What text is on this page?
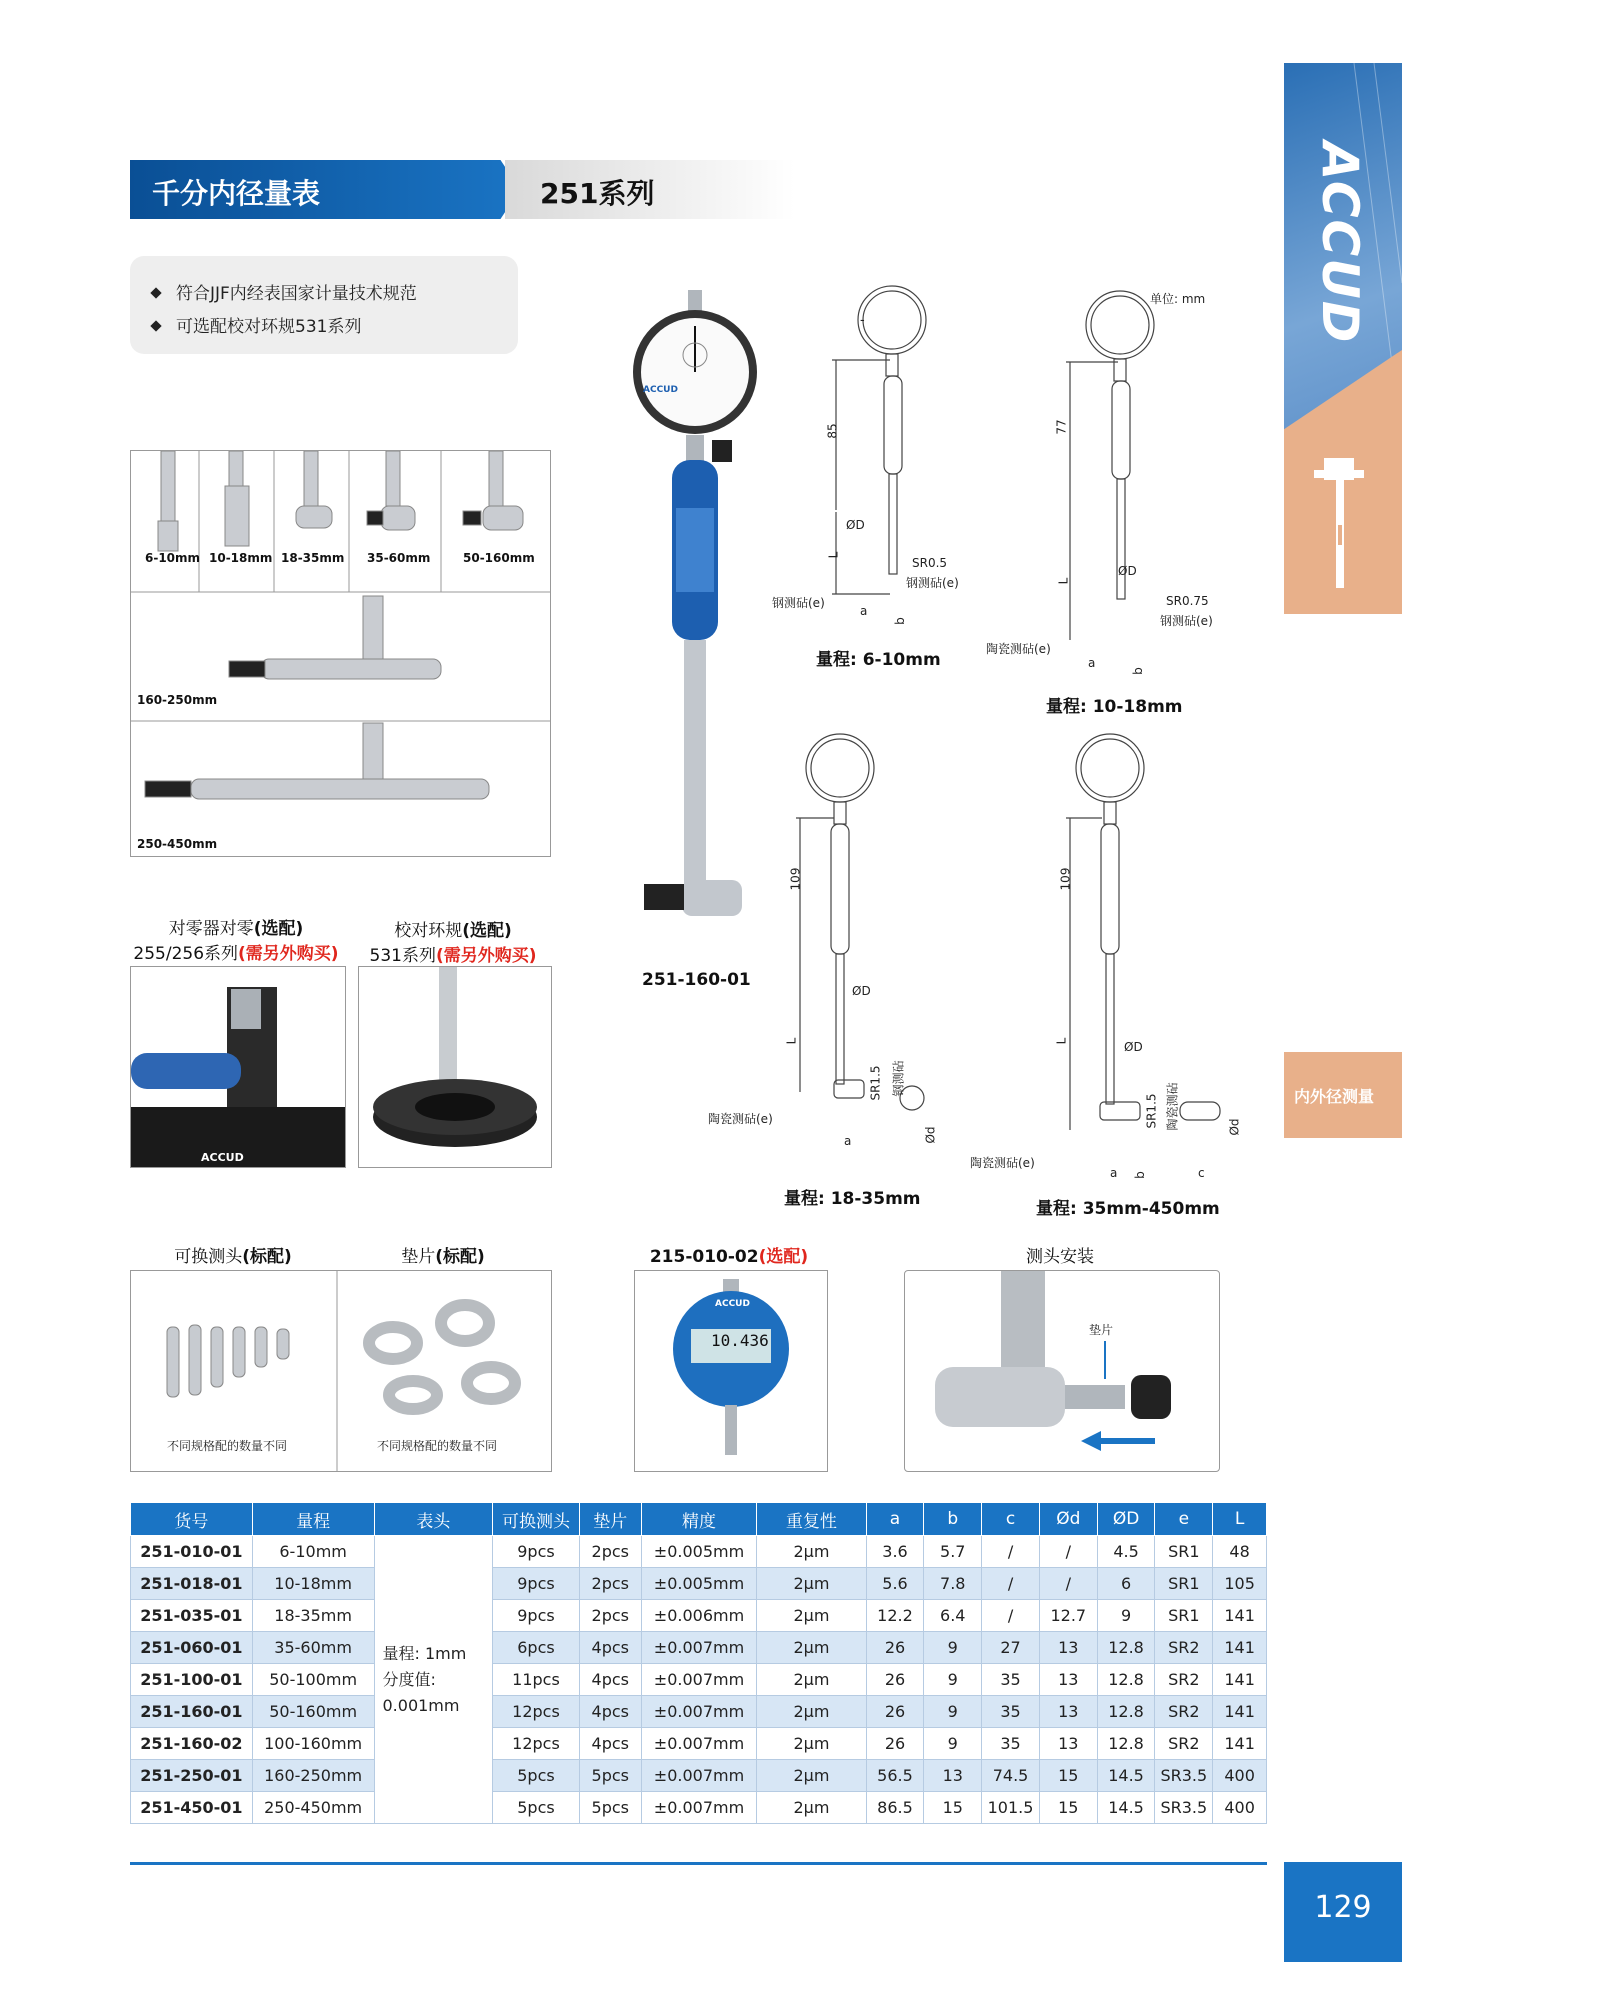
千分内径量表	251系列
符合JJF内经表国家计量技术规范
可选配校对环规531系列	ACCUD
内外径测量
6-10mm 10-18mm 18-35mm 35-60mm	50-160mm
160-250mm
250-450mm
ACCUD
ACCUD
251-160-01
对零器对零(选配)
255/256系列(需另外购买)
ACCUD
校对环规(选配)
531系列(需另外购买)
-
单位: mm
85
ØD
L
SR0.5
钢测砧(e)
钢测砧(e)
a
b
量程: 6-10mm
77
ØD
L
SR0.75
钢测砧(e)
陶瓷测砧(e)
a
b
量程: 10-18mm
109
ØD
L
SR1.5 钢测砧
陶瓷测砧(e)
a	Ød
量程: 18-35mm
109
ØD
L
SR1.5 陶瓷测砧
陶瓷测砧(e)
a b	c
Ød
量程: 35mm-450mm
可换测头(标配)	垫片(标配)
不同规格配的数量不同	不同规格配的数量不同
215-010-02(选配)
10.436
ACCUD
测头安装
垫片
货号	量程	表头	可换测头	垫片	精度	重复性	a	b	c	Ød	ØD	e	L
251-010-01	6-10mm	量程: 1mm
分度值:
0.001mm	9pcs	2pcs	±0.005mm	2μm	3.6	5.7	/	/	4.5	SR1	48
251-018-01	10-18mm		9pcs	2pcs	±0.005mm	2μm	5.6	7.8	/	/	6	SR1	105
251-035-01	18-35mm		9pcs	2pcs	±0.006mm	2μm	12.2	6.4	/	12.7	9	SR1	141
251-060-01	35-60mm		6pcs	4pcs	±0.007mm	2μm	26	9	27	13	12.8	SR2	141
251-100-01	50-100mm		11pcs	4pcs	±0.007mm	2μm	26	9	35	13	12.8	SR2	141
251-160-01	50-160mm		12pcs	4pcs	±0.007mm	2μm	26	9	35	13	12.8	SR2	141
251-160-02	100-160mm		12pcs	4pcs	±0.007mm	2μm	26	9	35	13	12.8	SR2	141
251-250-01	160-250mm		5pcs	5pcs	±0.007mm	2μm	56.5	13	74.5	15	14.5	SR3.5	400
251-450-01	250-450mm		5pcs	5pcs	±0.007mm	2μm	86.5	15	101.5	15	14.5	SR3.5	400
129
